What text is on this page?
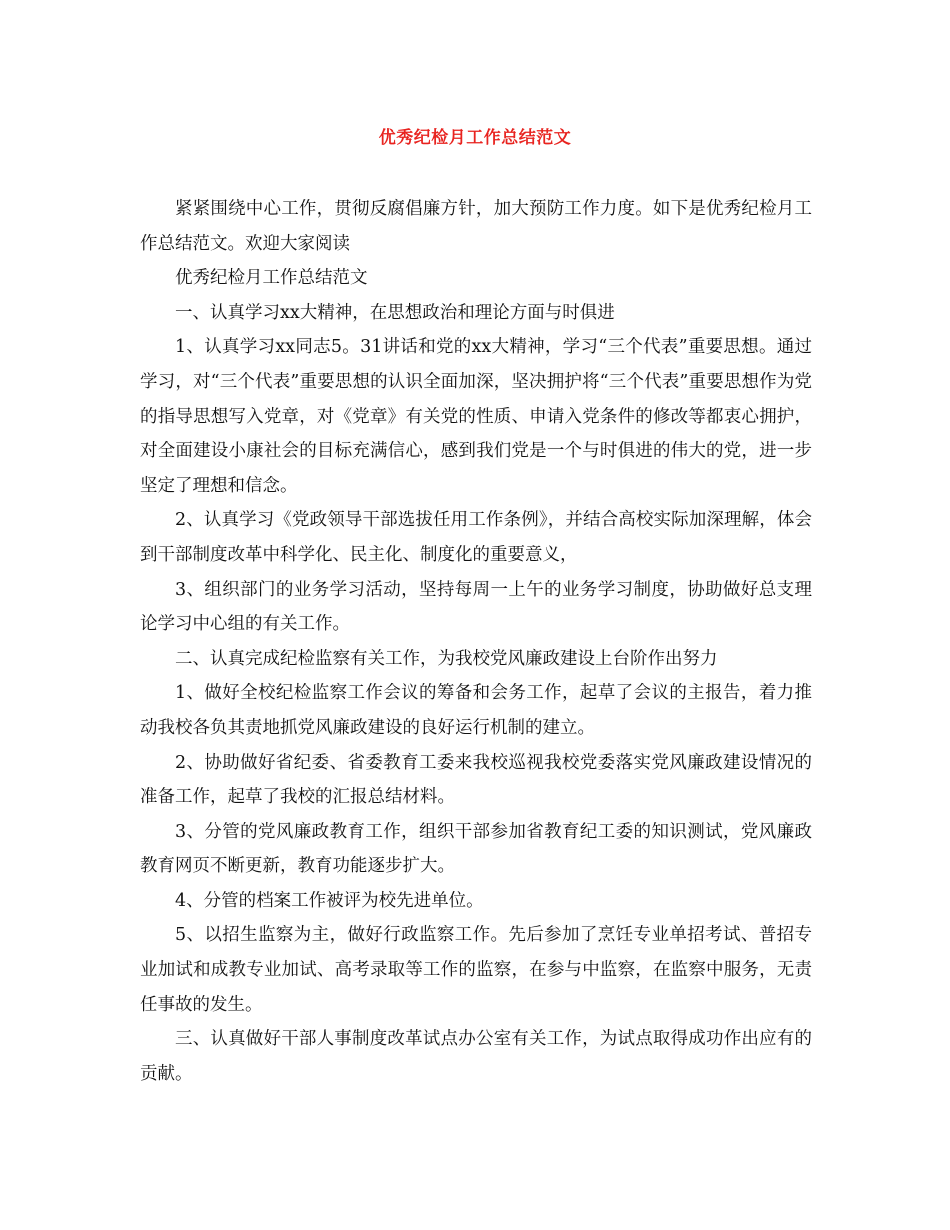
优秀纪检月工作总结范文

紧紧围绕中心工作，贯彻反腐倡廉方针，加大预防工作力度。如下是优秀纪检月工作总结范文。欢迎大家阅读

优秀纪检月工作总结范文

一、认真学习xx大精神，在思想政治和理论方面与时俱进

1、认真学习xx同志5。31讲话和党的xx大精神，学习“三个代表”重要思想。通过学习，对“三个代表”重要思想的认识全面加深，坚决拥护将“三个代表”重要思想作为党的指导思想写入党章，对《党章》有关党的性质、申请入党条件的修改等都衷心拥护，对全面建设小康社会的目标充满信心，感到我们党是一个与时俱进的伟大的党，进一步坚定了理想和信念。

2、认真学习《党政领导干部选拔任用工作条例》，并结合高校实际加深理解，体会到干部制度改革中科学化、民主化、制度化的重要意义，

3、组织部门的业务学习活动，坚持每周一上午的业务学习制度，协助做好总支理论学习中心组的有关工作。

二、认真完成纪检监察有关工作，为我校党风廉政建设上台阶作出努力

1、做好全校纪检监察工作会议的筹备和会务工作，起草了会议的主报告，着力推动我校各负其责地抓党风廉政建设的良好运行机制的建立。

2、协助做好省纪委、省委教育工委来我校巡视我校党委落实党风廉政建设情况的准备工作，起草了我校的汇报总结材料。

3、分管的党风廉政教育工作，组织干部参加省教育纪工委的知识测试，党风廉政教育网页不断更新，教育功能逐步扩大。

4、分管的档案工作被评为校先进单位。

5、以招生监察为主，做好行政监察工作。先后参加了烹饪专业单招考试、普招专业加试和成教专业加试、高考录取等工作的监察，在参与中监察，在监察中服务，无责任事故的发生。

三、认真做好干部人事制度改革试点办公室有关工作，为试点取得成功作出应有的贡献。
